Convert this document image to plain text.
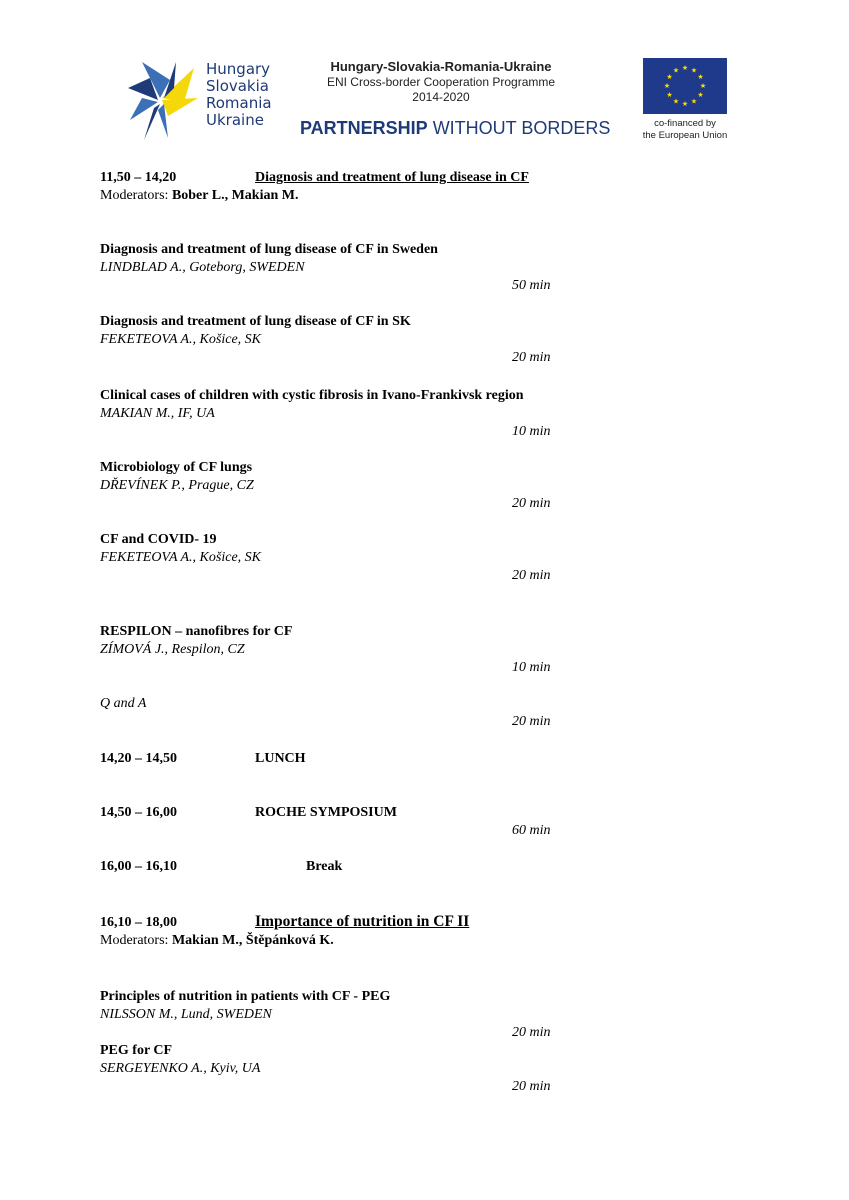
Hungary
Slovakia
Romania
Ukraine
Hungary-Slovakia-Romania-Ukraine
ENI Cross-border Cooperation Programme
2014-2020
PARTNERSHIP WITHOUT BORDERS
★ ★
★
★
★
★
★
★
★
★
★
★
co-financed by
the European Union
11,50 – 14,20	Diagnosis and treatment of lung disease in CF
Moderators: Bober L., Makian M.
Diagnosis and treatment of lung disease of CF in Sweden
LINDBLAD A., Goteborg, SWEDEN
50 min
Diagnosis and treatment of lung disease of CF in SK
FEKETEOVA A., Košice, SK
20 min
Clinical cases of children with cystic fibrosis in Ivano-Frankivsk region
MAKIAN M., IF, UA
10 min
Microbiology of CF lungs
DŘEVÍNEK P., Prague, CZ
20 min
CF and COVID- 19
FEKETEOVA A., Košice, SK
20 min
RESPILON – nanofibres for CF
ZÍMOVÁ J., Respilon, CZ
10 min
Q and A
20 min
14,20 – 14,50	LUNCH
14,50 – 16,00	ROCHE SYMPOSIUM
60 min
16,00 – 16,10	Break
16,10 – 18,00	Importance of nutrition in CF II
Moderators: Makian M., Štěpánková K.
Principles of nutrition in patients with CF - PEG
NILSSON M., Lund, SWEDEN
20 min
PEG for CF
SERGEYENKO A., Kyiv, UA
20 min
